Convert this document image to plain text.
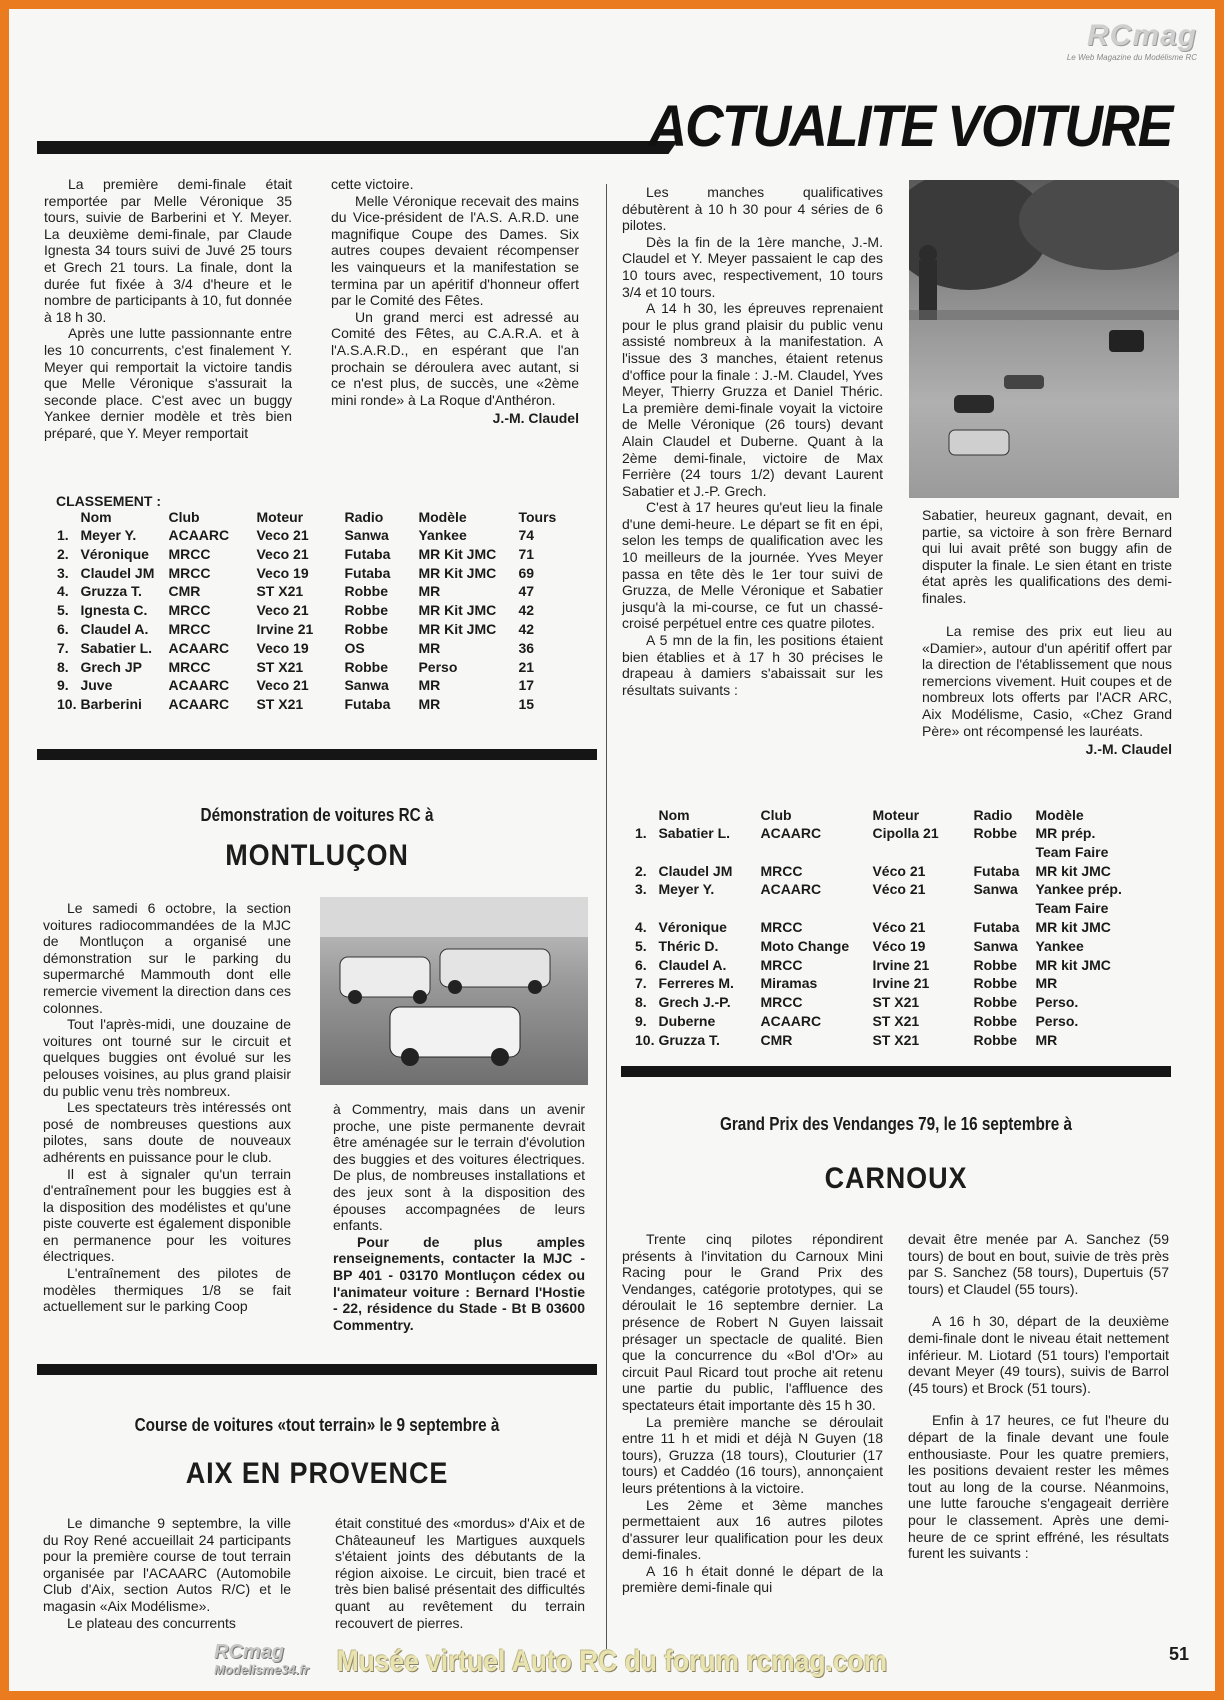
RCmag
Le Web Magazine du Modélisme RC
ACTUALITE VOITURE

La première demi-finale était remportée par Melle Véronique 35 tours, suivie de Barberini et Y. Meyer. La deuxième demi-finale, par Claude Ignesta 34 tours suivi de Juvé 25 tours et Grech 21 tours. La finale, dont la durée fut fixée à 3/4 d'heure et le nombre de participants à 10, fut donnée à 18 h 30.

Après une lutte passionnante entre les 10 concurrents, c'est finalement Y. Meyer qui remportait la victoire tandis que Melle Véronique s'assurait la seconde place. C'est avec un buggy Yankee dernier modèle et très bien préparé, que Y. Meyer remportait

cette victoire.

Melle Véronique recevait des mains du Vice-président de l'A.S. A.R.D. une magnifique Coupe des Dames. Six autres coupes devaient récompenser les vainqueurs et la manifestation se termina par un apéritif d'honneur offert par le Comité des Fêtes.

Un grand merci est adressé au Comité des Fêtes, au C.A.R.A. et à l'A.S.A.R.D., en espérant que l'an prochain se déroulera avec autant, si ce n'est plus, de succès, une «2ème mini ronde» à La Roque d'Anthéron.

J.-M. Claudel
CLASSEMENT :
	Nom	Club	Moteur	Radio	Modèle	Tours
1.	Meyer Y.	ACAARC	Veco 21	Sanwa	Yankee	74
2.	Véronique	MRCC	Veco 21	Futaba	MR Kit JMC	71
3.	Claudel JM	MRCC	Veco 19	Futaba	MR Kit JMC	69
4.	Gruzza T.	CMR	ST X21	Robbe	MR	47
5.	Ignesta C.	MRCC	Veco 21	Robbe	MR Kit JMC	42
6.	Claudel A.	MRCC	Irvine 21	Robbe	MR Kit JMC	42
7.	Sabatier L.	ACAARC	Veco 19	OS	MR	36
8.	Grech JP	MRCC	ST X21	Robbe	Perso	21
9.	Juve	ACAARC	Veco 21	Sanwa	MR	17
10.	Barberini	ACAARC	ST X21	Futaba	MR	15
Démonstration de voitures RC à
MONTLUÇON

Le samedi 6 octobre, la section voitures radiocommandées de la MJC de Montluçon a organisé une démonstration sur le parking du supermarché Mammouth dont elle remercie vivement la direction dans ces colonnes.

Tout l'après-midi, une douzaine de voitures ont tourné sur le circuit et quelques buggies ont évolué sur les pelouses voisines, au plus grand plaisir du public venu très nombreux.

Les spectateurs très intéressés ont posé de nombreuses questions aux pilotes, sans doute de nouveaux adhérents en puissance pour le club.

Il est à signaler qu'un terrain d'entraînement pour les buggies est à la disposition des modélistes et qu'une piste couverte est également disponible en permanence pour les voitures électriques.

L'entraînement des pilotes de modèles thermiques 1/8 se fait actuellement sur le parking Coop

à Commentry, mais dans un avenir proche, une piste permanente devrait être aménagée sur le terrain d'évolution des buggies et des voitures électriques. De plus, de nombreuses installations et des jeux sont à la disposition des épouses accompagnées de leurs enfants.

Pour de plus amples renseignements, contacter la MJC - BP 401 - 03170 Montluçon cédex ou l'animateur voiture : Bernard l'Hostie - 22, résidence du Stade - Bt B 03600 Commentry.

Course de voitures «tout terrain» le 9 septembre à
AIX EN PROVENCE

Le dimanche 9 septembre, la ville du Roy René accueillait 24 participants pour la première course de tout terrain organisée par l'ACAARC (Automobile Club d'Aix, section Autos R/C) et le magasin «Aix Modélisme».

Le plateau des concurrents

était constitué des «mordus» d'Aix et de Châteauneuf les Martigues auxquels s'étaient joints des débutants de la région aixoise. Le circuit, bien tracé et très bien balisé présentait des difficultés quant au revêtement du terrain recouvert de pierres.

Les manches qualificatives débutèrent à 10 h 30 pour 4 séries de 6 pilotes.

Dès la fin de la 1ère manche, J.-M. Claudel et Y. Meyer passaient le cap des 10 tours avec, respectivement, 10 tours 3/4 et 10 tours.

A 14 h 30, les épreuves reprenaient pour le plus grand plaisir du public venu assisté nombreux à la manifestation. A l'issue des 3 manches, étaient retenus d'office pour la finale : J.-M. Claudel, Yves Meyer, Thierry Gruzza et Daniel Théric. La première demi-finale voyait la victoire de Melle Véronique (26 tours) devant Alain Claudel et Duberne. Quant à la 2ème demi-finale, victoire de Max Ferrière (24 tours 1/2) devant Laurent Sabatier et J.-P. Grech.

C'est à 17 heures qu'eut lieu la finale d'une demi-heure. Le départ se fit en épi, selon les temps de qualification avec les 10 meilleurs de la journée. Yves Meyer passa en tête dès le 1er tour suivi de Gruzza, de Melle Véronique et Sabatier jusqu'à la mi-course, ce fut un chassé-croisé perpétuel entre ces quatre pilotes.

A 5 mn de la fin, les positions étaient bien établies et à 17 h 30 précises le drapeau à damiers s'abaissait sur les résultats suivants :

Sabatier, heureux gagnant, devait, en partie, sa victoire à son frère Bernard qui lui avait prêté son buggy afin de disputer la finale. Le sien étant en triste état après les qualifications des demi-finales.

La remise des prix eut lieu au «Damier», autour d'un apéritif offert par la direction de l'établissement que nous remercions vivement. Huit coupes et de nombreux lots offerts par l'ACR ARC, Aix Modélisme, Casio, «Chez Grand Père» ont récompensé les lauréats.

J.-M. Claudel
	Nom	Club	Moteur	Radio	Modèle
1.	Sabatier L.	ACAARC	Cipolla 21	Robbe	MR prép.
Team Faire

2.	Claudel JM	MRCC	Véco 21	Futaba	MR kit JMC
3.	Meyer Y.	ACAARC	Véco 21	Sanwa	Yankee prép.
Team Faire

4.	Véronique	MRCC	Véco 21	Futaba	MR kit JMC
5.	Théric D.	Moto Change	Véco 19	Sanwa	Yankee
6.	Claudel A.	MRCC	Irvine 21	Robbe	MR kit JMC
7.	Ferreres M.	Miramas	Irvine 21	Robbe	MR
8.	Grech J.-P.	MRCC	ST X21	Robbe	Perso.
9.	Duberne	ACAARC	ST X21	Robbe	Perso.
10.	Gruzza T.	CMR	ST X21	Robbe	MR
Grand Prix des Vendanges 79, le 16 septembre à
CARNOUX

Trente cinq pilotes répondirent présents à l'invitation du Carnoux Mini Racing pour le Grand Prix des Vendanges, catégorie prototypes, qui se déroulait le 16 septembre dernier. La présence de Robert N Guyen laissait présager un spectacle de qualité. Bien que la concurrence du «Bol d'Or» au circuit Paul Ricard tout proche ait retenu une partie du public, l'affluence des spectateurs était importante dès 15 h 30.

La première manche se déroulait entre 11 h et midi et déjà N Guyen (18 tours), Gruzza (18 tours), Clouturier (17 tours) et Caddéo (16 tours), annonçaient leurs prétentions à la victoire.

Les 2ème et 3ème manches permettaient aux 16 autres pilotes d'assurer leur qualification pour les deux demi-finales.

A 16 h était donné le départ de la première demi-finale qui

devait être menée par A. Sanchez (59 tours) de bout en bout, suivie de très près par S. Sanchez (58 tours), Dupertuis (57 tours) et Claudel (55 tours).

A 16 h 30, départ de la deuxième demi-finale dont le niveau était nettement inférieur. M. Liotard (51 tours) l'emportait devant Meyer (49 tours), suivis de Barrol (45 tours) et Brock (51 tours).

Enfin à 17 heures, ce fut l'heure du départ de la finale devant une foule enthousiaste. Pour les quatre premiers, les positions devaient rester les mêmes tout au long de la course. Néanmoins, une lutte farouche s'engageait derrière pour le classement. Après une demi-heure de ce sprint effréné, les résultats furent les suivants :

51
RCmag
Modelisme34.fr Musée virtuel Auto RC du forum rcmag.com
